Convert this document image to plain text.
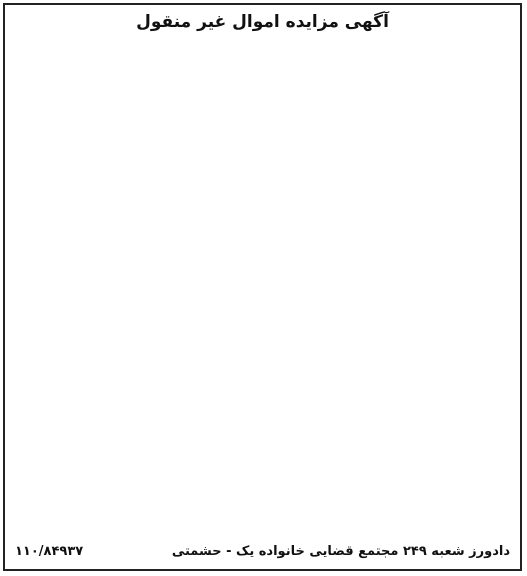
آگهی مزایده اموال غیر منقول
دادورز شعبه ۲۴۹ مجتمع قضایی خانواده یک - حشمتی
۱۱۰/۸۴۹۳۷
